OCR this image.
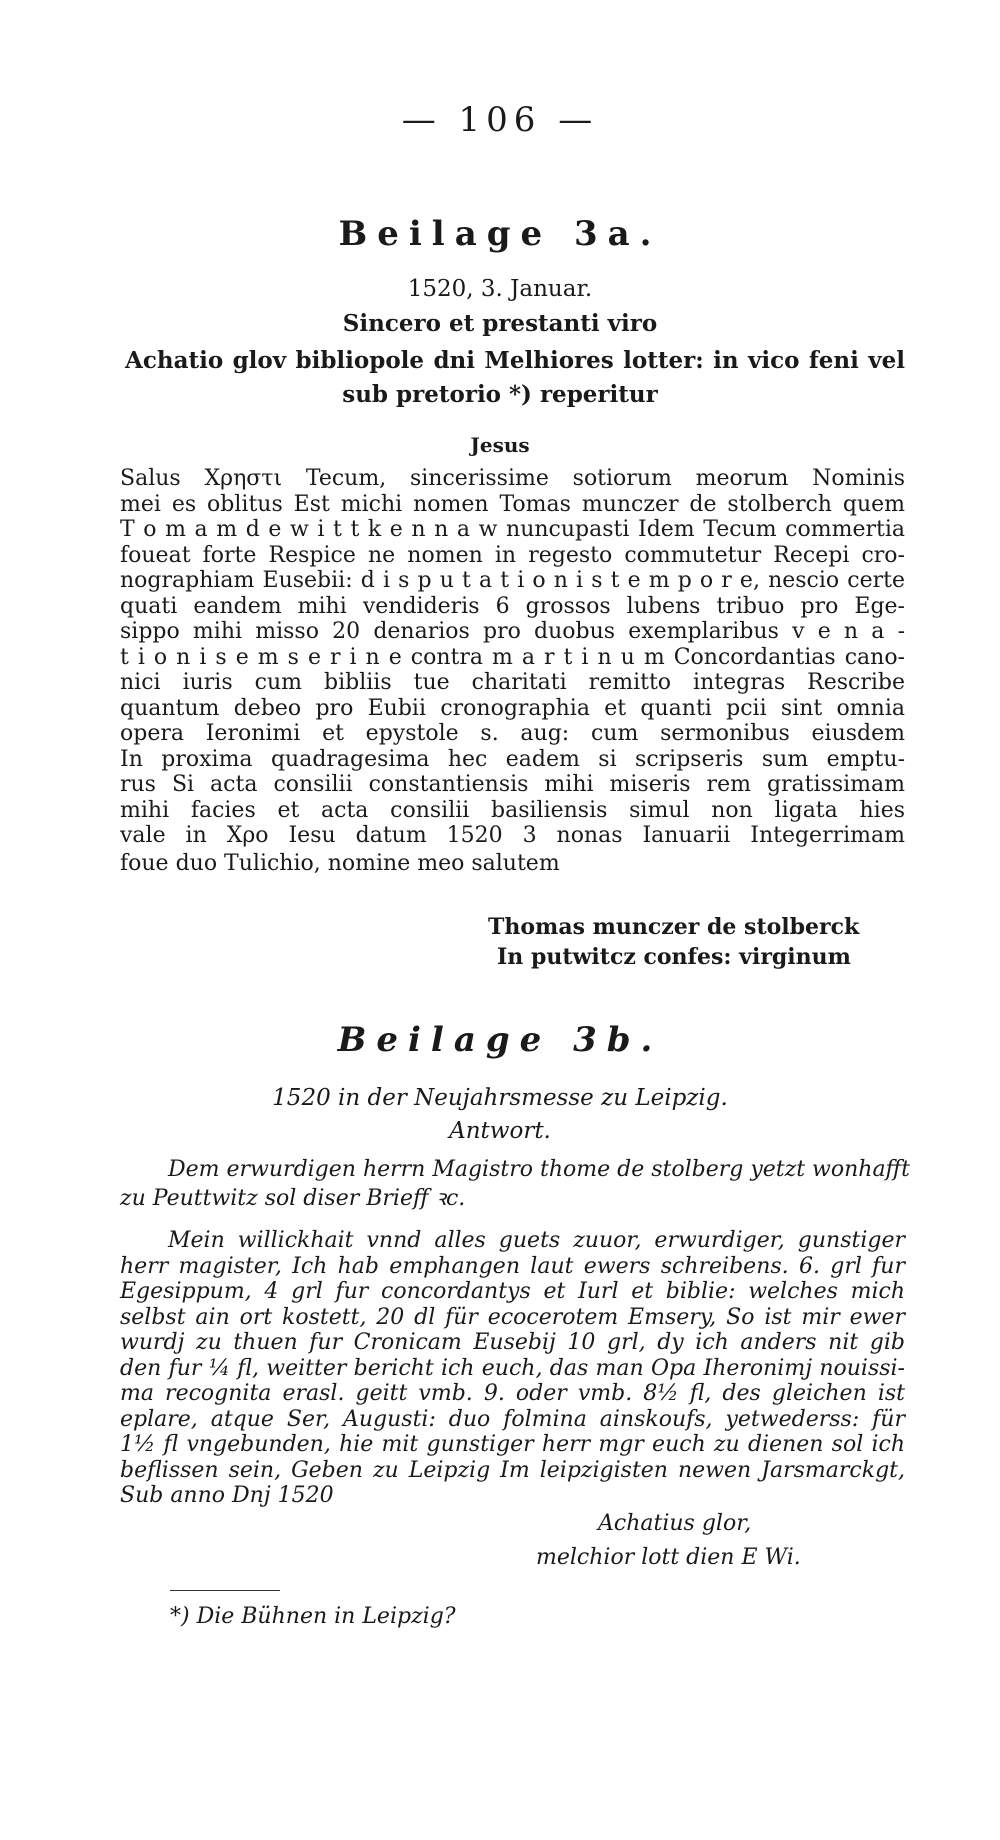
— 106 —
Beilage 3a.
1520, 3. Januar.
Sincero et prestanti viro
Achatio glov bibliopole dni Melhiores lotter: in vico feni vel
sub pretorio *) reperitur
Jesus
Salus Χρηστι Tecum, sincerissime sotiorum meorum Nominis
mei es oblitus Est michi nomen Tomas munczer de stolberch quem
T o m a m d e w i t t k e n n a w nuncupasti Idem Tecum commertia
foueat forte Respice ne nomen in regesto commutetur Recepi cro-
nographiam Eusebii: d i s p u t a t i o n i s t e m p o r e, nescio certe
quati eandem mihi vendideris 6 grossos lubens tribuo pro Ege-
sippo mihi misso 20 denarios pro duobus exemplaribus v e n a -
t i o n i s e m s e r i n e contra m a r t i n u m Concordantias cano-
nici iuris cum bibliis tue charitati remitto integras Rescribe
quantum debeo pro Eubii cronographia et quanti pcii sint omnia
opera Ieronimi et epystole s. aug: cum sermonibus eiusdem
In proxima quadragesima hec eadem si scripseris sum emptu-
rus Si acta consilii constantiensis mihi miseris rem gratissimam
mihi facies et acta consilii basiliensis simul non ligata hies
vale in Χρο Iesu datum 1520 3 nonas Ianuarii Integerrimam
foue duo Tulichio, nomine meo salutem
Thomas munczer de stolberck
In putwitcz confes: virginum
Beilage 3b.
1520 in der Neujahrsmesse zu Leipzig.
Antwort.
Dem erwurdigen herrn Magistro thome de stolberg yetzt wonhafft
zu Peuttwitz sol diser Brieff ꝛc.
Mein willickhait vnnd alles guets zuuor, erwurdiger, gunstiger
herr magister, Ich hab emphangen laut ewers schreibens. 6. grl fur
Egesippum, 4 grl fur concordantys et Iurl et biblie: welches mich
selbst ain ort kostett, 20 dl für ecocerotem Emsery, So ist mir ewer
wurdj zu thuen fur Cronicam Eusebij 10 grl, dy ich anders nit gib
den fur ¼ fl, weitter bericht ich euch, das man Opa Iheronimj nouissi-
ma recognita erasl. geitt vmb. 9. oder vmb. 8½ fl, des gleichen ist
eplare, atque Ser, Augusti: duo folmina ainskoufs, yetwederss: für
1½ fl vngebunden, hie mit gunstiger herr mgr euch zu dienen sol ich
beflissen sein, Geben zu Leipzig Im leipzigisten newen Jarsmarckgt,
Sub anno Dnj 1520
Achatius glor,
melchior lott dien E Wi.
*) Die Bühnen in Leipzig?
